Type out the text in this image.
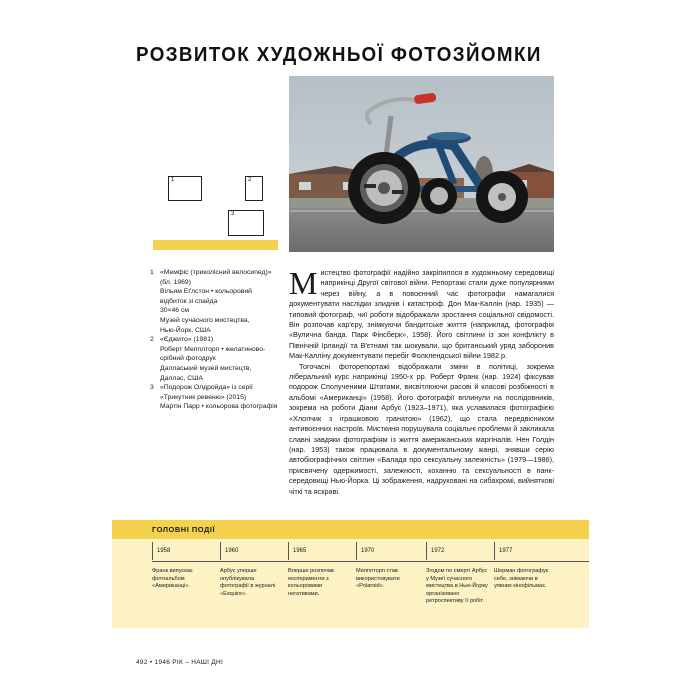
РОЗВИТОК ХУДОЖНЬОЇ ФОТОЗЙОМКИ
1	2
3
1 «Мемфіс (триколісний велосипед)»
(бл. 1969)
Вільям Еґлстон • кольоровий
відбиток зі спайда
30×46 см
Музей сучасного мистецтва,
Нью-Йорк, США
2 «Єджито» (1981)
Роберт Мепплторп • желатиново-
срібний фотодрук
Далласький музей мистецтв,
Даллас, США
3 «Подорож Олдройда» із серії
«Трикутник ревеню» (2015)
Мартін Парр • кольорова фотографія

Мистецтво фотографії надійно закріпилося в художньому середовищі наприкінці Другої світової війни. Репортажі стали дуже популярними через війну, а в повоєнний час фотографи намагалися документувати наслідки злиднів і катастроф. Дон Мак-Каллін (нар. 1935) — типовий фотограф, чиї роботи відображали зростання соціальної свідомості. Він розпочав кар'єру, знімкуючи бандитське життя (наприклад, фотографія «Вулична банда. Парк Фінсберк», 1958). Його світлини із зон конфлікту в Північній Ірландії та В'єтнамі так шокували, що британський уряд заборонив Мак-Калліну документувати перебіг Фолклендської війни 1982 р.

Тогочасні фоторепортажі відображали зміни в політиці, зокрема ліберальний курс наприкінці 1950-х рр. Роберт Франк (нар. 1924) фіксував подорож Сполученими Штатами, висвітлюючи расові й класові розбіжності в альбомі «Американці» (1958). Його фотографії вплинули на послідовників, зокрема на роботи Діани Арбус (1923–1971), яка уславилася фотографією «Хлопчик з іграшковою гранатою» (1962), що стала передвісником антивоєнних настроїв. Мисткиня порушувала соціальні проблеми й закликала славні завдяки фотографіям із життя американських маргіналів. Нен Голдін (нар. 1953) також працювала в документальному жанрі, знявши серію автобіографічних світлин «Балада про сексуальну залежність» (1979—1986), присвячену одержимості, залежності, коханню та сексуальності в панк-середовищі Нью-Йорка. Ці зображення, надруковані на сибахромі, вийняткові чіткі та яскраві.

ГОЛОВНІ ПОДІЇ
1958
Франк випускає фотоальбом «Американці».
1960
Арбус уперше опублікувала фотографії в журналі «Esquire».
1965
Вперше розпочав експерименти з кольоровими негативами.
1970
Мепплторп став використовувати «Polaroid».
1972
Згодом по смерті Арбус у Музеї сучасного мистецтва в Нью-Йорку організовано ретроспективу її робіт.
1977
Шерман фотографує себе, знімаючи в уявних кінофільмах.
492 • 1946 РІК – НАШІ ДНІ
